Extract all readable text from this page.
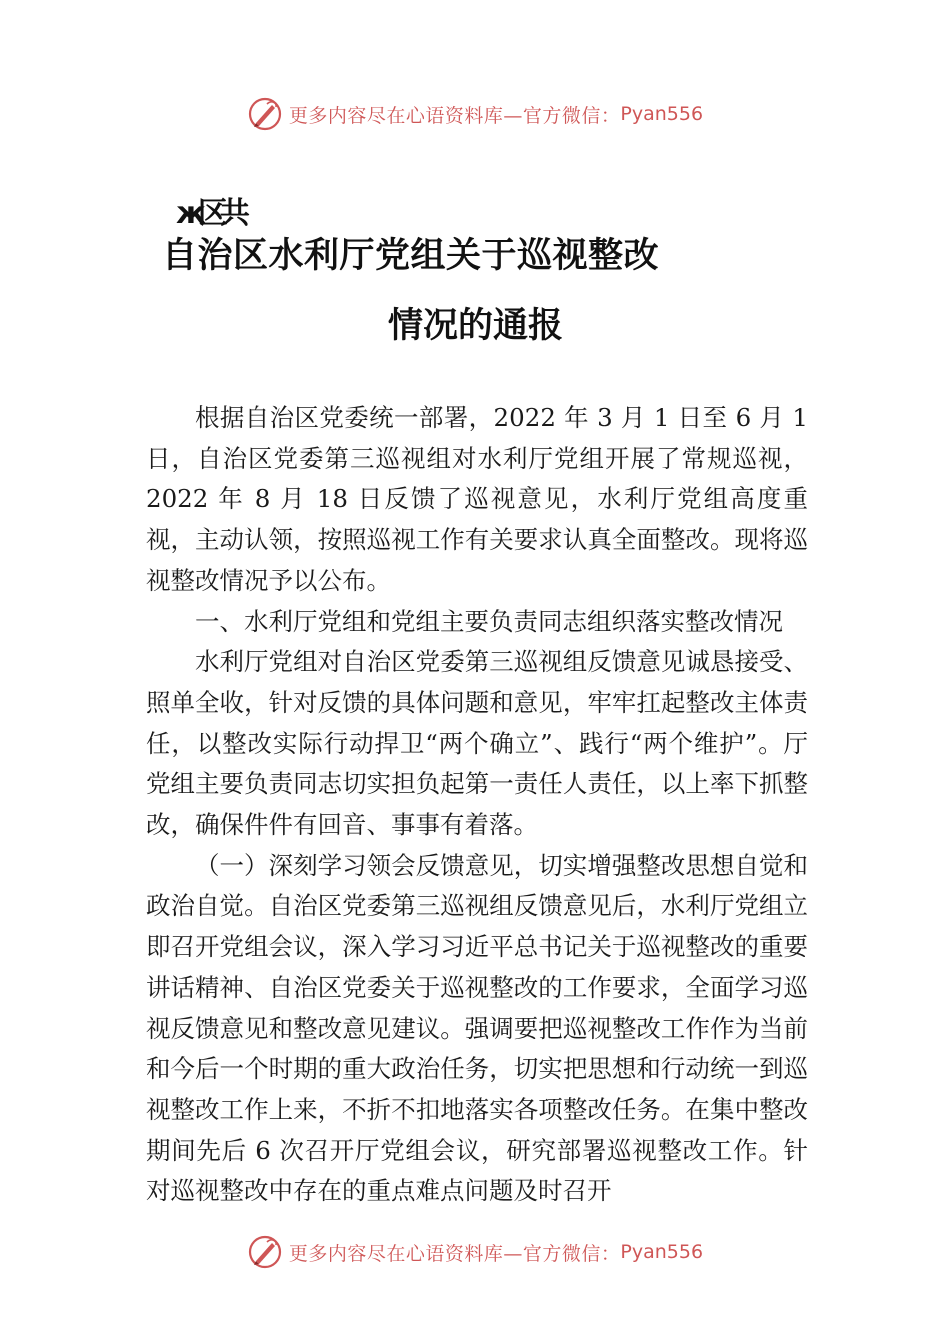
更多内容尽在心语资料库—官方微信： Pyan556
ж区共
自治区水利厅党组关于巡视整改
情况的通报

根据自治区党委统一部署，2022 年 3 月 1 日至 6 月 1 日，自治区党委第三巡视组对水利厅党组开展了常规巡视，2022 年 8 月 18 日反馈了巡视意见，水利厅党组高度重视，主动认领，按照巡视工作有关要求认真全面整改。现将巡视整改情况予以公布。

一、水利厅党组和党组主要负责同志组织落实整改情况

水利厅党组对自治区党委第三巡视组反馈意见诚恳接受、照单全收，针对反馈的具体问题和意见，牢牢扛起整改主体责任，以整改实际行动捍卫“两个确立”、践行“两个维护”。厅党组主要负责同志切实担负起第一责任人责任，以上率下抓整改，确保件件有回音、事事有着落。

（一）深刻学习领会反馈意见，切实增强整改思想自觉和政治自觉。自治区党委第三巡视组反馈意见后，水利厅党组立即召开党组会议，深入学习习近平总书记关于巡视整改的重要讲话精神、自治区党委关于巡视整改的工作要求，全面学习巡视反馈意见和整改意见建议。强调要把巡视整改工作作为当前和今后一个时期的重大政治任务，切实把思想和行动统一到巡视整改工作上来，不折不扣地落实各项整改任务。在集中整改期间先后 6 次召开厅党组会议，研究部署巡视整改工作。针对巡视整改中存在的重点难点问题及时召开

更多内容尽在心语资料库—官方微信： Pyan556
